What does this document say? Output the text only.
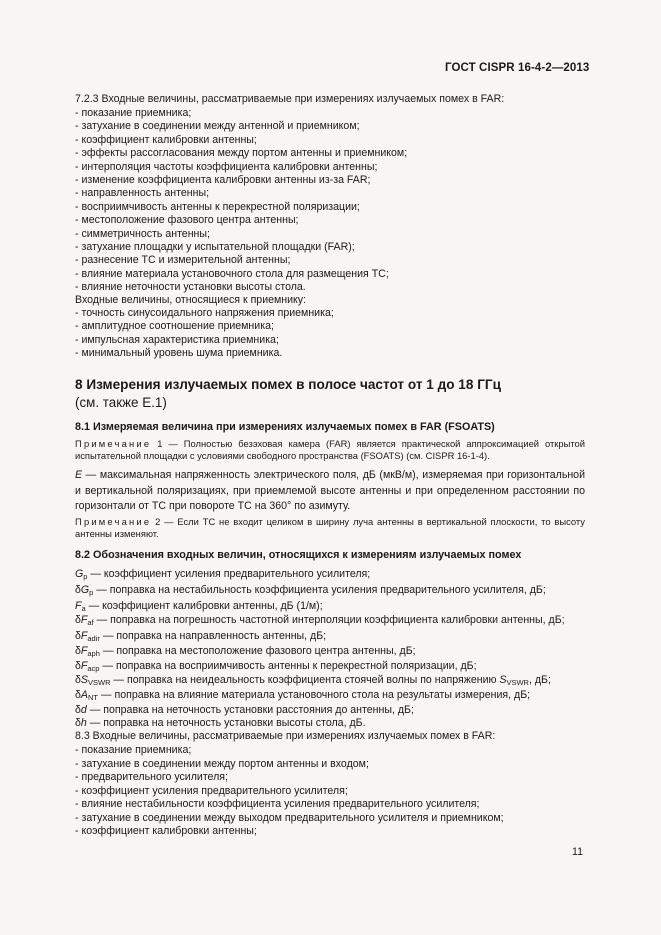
ГОСТ CISPR 16-4-2—2013
7.2.3 Входные величины, рассматриваемые при измерениях излучаемых помех в FAR:
- показание приемника;
- затухание в соединении между антенной и приемником;
- коэффициент калибровки антенны;
- эффекты рассогласования между портом антенны и приемником;
- интерполяция частоты коэффициента калибровки антенны;
- изменение коэффициента калибровки антенны из-за FAR;
- направленность антенны;
- восприимчивость антенны к перекрестной поляризации;
- местоположение фазового центра антенны;
- симметричность антенны;
- затухание площадки у испытательной площадки (FAR);
- разнесение ТС и измерительной антенны;
- влияние материала установочного стола для размещения ТС;
- влияние неточности установки высоты стола.
Входные величины, относящиеся к приемнику:
- точность синусоидального напряжения приемника;
- амплитудное соотношение приемника;
- импульсная характеристика приемника;
- минимальный уровень шума приемника.
8 Измерения излучаемых помех в полосе частот от 1 до 18 ГГц
(см. также Е.1)
8.1 Измеряемая величина при измерениях излучаемых помех в FAR (FSOATS)
Примечание 1 — Полностью безэховая камера (FAR) является практической аппроксимацией открытой испытательной площадки с условиями свободного пространства (FSOATS) (см. CISPR 16-1-4).
E — максимальная напряженность электрического поля, дБ (мкВ/м), измеряемая при горизонтальной и вертикальной поляризациях, при приемлемой высоте антенны и при определенном расстоянии по горизонтали от ТС при повороте ТС на 360° по азимуту.
Примечание 2 — Если ТС не входит целиком в ширину луча антенны в вертикальной плоскости, то высоту антенны изменяют.
8.2 Обозначения входных величин, относящихся к измерениям излучаемых помех
$G_p$ — коэффициент усиления предварительного усилителя;
$\delta G_p$ — поправка на нестабильность коэффициента усиления предварительного усилителя, дБ;
$F_a$ — коэффициент калибровки антенны, дБ (1/м);
$\delta F_{af}$ — поправка на погрешность частотной интерполяции коэффициента калибровки антенны, дБ;
$\delta F_{adir}$ — поправка на направленность антенны, дБ;
$\delta F_{aph}$ — поправка на местоположение фазового центра антенны, дБ;
$\delta F_{acp}$ — поправка на восприимчивость антенны к перекрестной поляризации, дБ;
$\delta S_{VSWR}$ — поправка на неидеальность коэффициента стоячей волны по напряжению $S_{VSWR}$, дБ;
$\delta A_{NT}$ — поправка на влияние материала установочного стола на результаты измерения, дБ;
δd — поправка на неточность установки расстояния до антенны, дБ;
δh — поправка на неточность установки высоты стола, дБ.
8.3 Входные величины, рассматриваемые при измерениях излучаемых помех в FAR:
- показание приемника;
- затухание в соединении между портом антенны и входом;
- предварительного усилителя;
- коэффициент усиления предварительного усилителя;
- влияние нестабильности коэффициента усиления предварительного усилителя;
- затухание в соединении между выходом предварительного усилителя и приемником;
- коэффициент калибровки антенны;
11
